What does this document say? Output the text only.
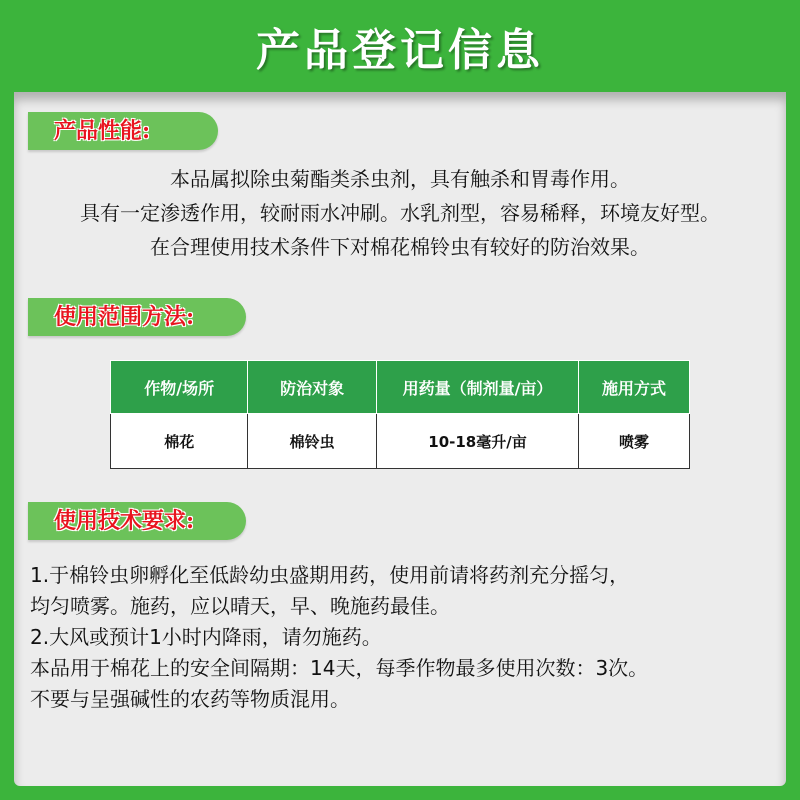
产品登记信息
产品性能:
本品属拟除虫菊酯类杀虫剂，具有触杀和胃毒作用。
具有一定渗透作用，较耐雨水冲刷。水乳剂型，容易稀释，环境友好型。
在合理使用技术条件下对棉花棉铃虫有较好的防治效果。
使用范围方法:
作物/场所	防治对象	用药量（制剂量/亩）	施用方式
棉花	棉铃虫	10-18毫升/亩	喷雾
使用技术要求:
1.于棉铃虫卵孵化至低龄幼虫盛期用药，使用前请将药剂充分摇匀，
均匀喷雾。施药，应以晴天，早、晚施药最佳。
2.大风或预计1小时内降雨，请勿施药。
本品用于棉花上的安全间隔期：14天，每季作物最多使用次数：3次。
不要与呈强碱性的农药等物质混用。
